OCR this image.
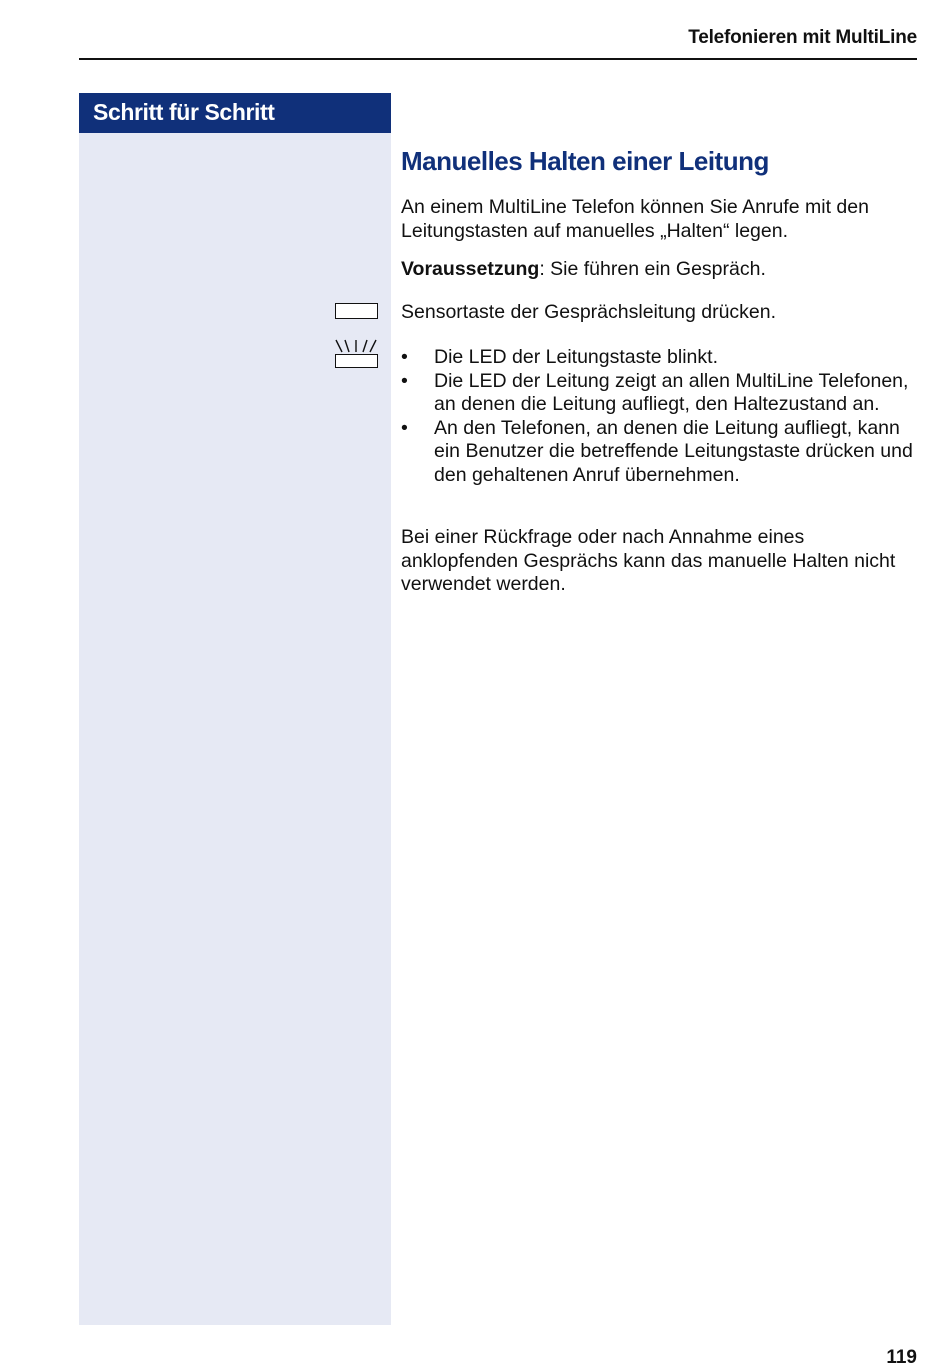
Telefonieren mit MultiLine
Schritt für Schritt
Manuelles Halten einer Leitung
An einem MultiLine Telefon können Sie Anrufe mit den Leitungstasten auf manuelles „Halten“ legen.
Voraussetzung: Sie führen ein Gespräch.
Sensortaste der Gesprächsleitung drücken.
• Die LED der Leitungstaste blinkt.
• Die LED der Leitung zeigt an allen MultiLine Telefonen, an denen die Leitung aufliegt, den Haltezustand an.
• An den Telefonen, an denen die Leitung aufliegt, kann ein Benutzer die betreffende Leitungstaste drücken und den gehaltenen Anruf übernehmen.
Bei einer Rückfrage oder nach Annahme eines anklopfenden Gesprächs kann das manuelle Halten nicht verwendet werden.
119
